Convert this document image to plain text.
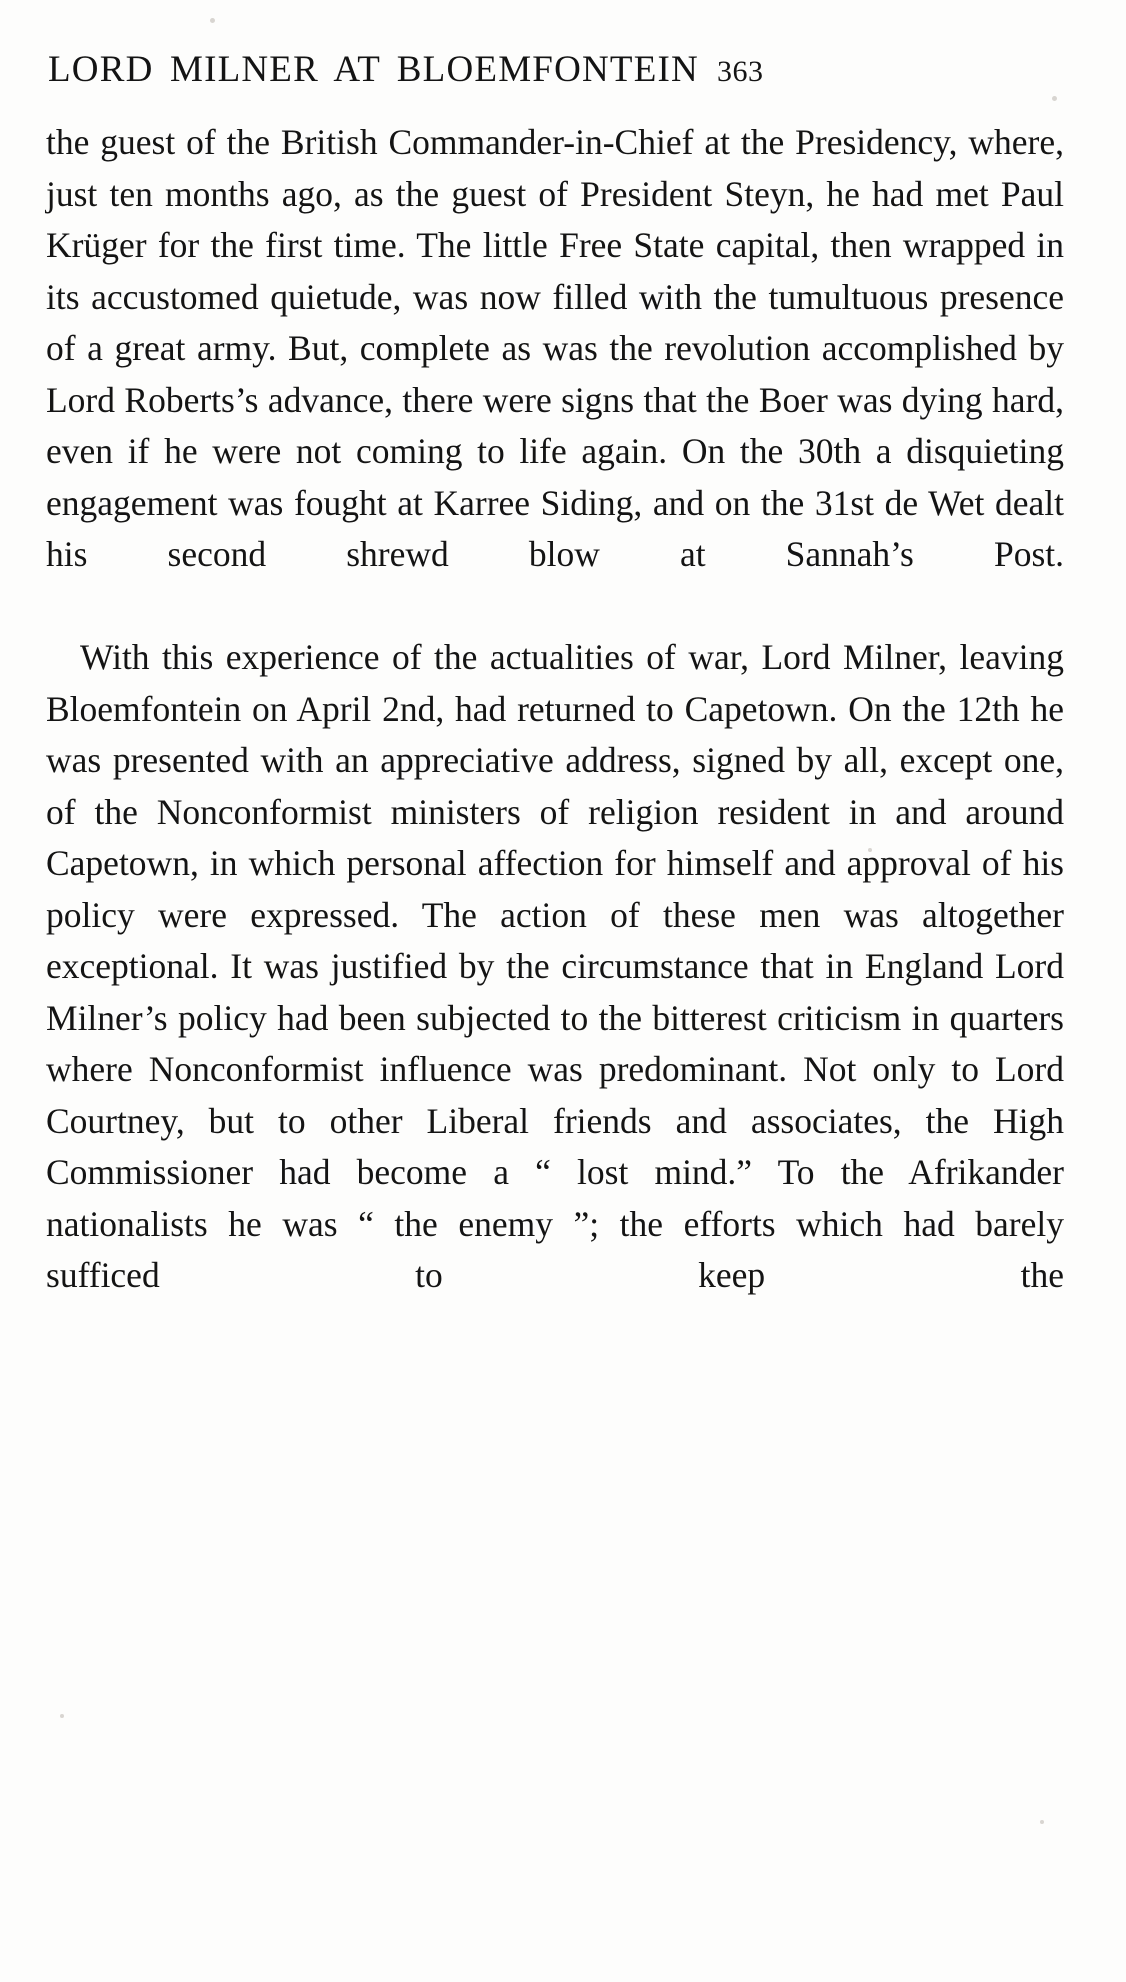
LORD MILNER AT BLOEMFONTEIN 363

the guest of the British Commander-in-Chief at the Presidency, where, just ten months ago, as the guest of President Steyn, he had met Paul Krüger for the first time. The little Free State capital, then wrapped in its accustomed quietude, was now filled with the tumultuous presence of a great army. But, complete as was the revolution accomplished by Lord Roberts’s advance, there were signs that the Boer was dying hard, even if he were not coming to life again. On the 30th a disquieting engagement was fought at Karree Siding, and on the 31st de Wet dealt his second shrewd blow at Sannah’s Post.

With this experience of the actualities of war, Lord Milner, leaving Bloemfontein on April 2nd, had returned to Capetown. On the 12th he was presented with an appreciative address, signed by all, except one, of the Nonconformist ministers of religion resident in and around Capetown, in which personal affection for himself and approval of his policy were expressed. The action of these men was altogether exceptional. It was justified by the circumstance that in England Lord Milner’s policy had been subjected to the bitterest criticism in quarters where Nonconformist influence was predominant. Not only to Lord Courtney, but to other Liberal friends and associates, the High Commissioner had become a “ lost mind.” To the Afrikander nationalists he was “ the enemy ”; the efforts which had barely sufficed to keep the
